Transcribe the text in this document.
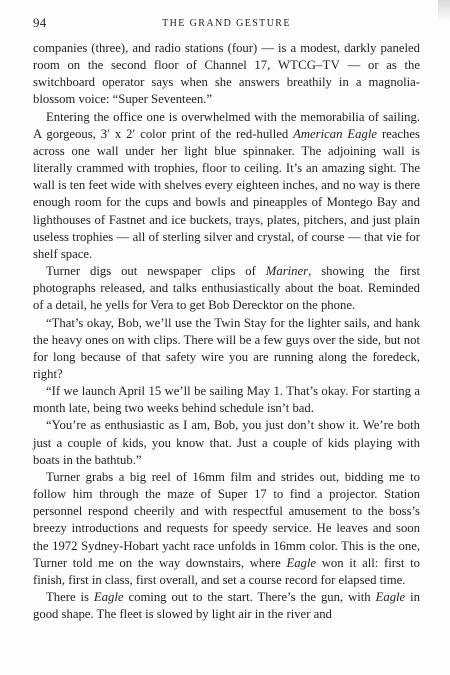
94	THE GRAND GESTURE

companies (three), and radio stations (four) — is a modest, darkly paneled room on the second floor of Channel 17, WTCG–TV — or as the switchboard operator says when she answers breathily in a magnolia-blossom voice: “Super Seventeen.”

Entering the office one is overwhelmed with the memorabilia of sailing. A gorgeous, 3′ x 2′ color print of the red-hulled American Eagle reaches across one wall under her light blue spinnaker. The adjoining wall is literally crammed with trophies, floor to ceiling. It’s an amazing sight. The wall is ten feet wide with shelves every eighteen inches, and no way is there enough room for the cups and bowls and pineapples of Montego Bay and lighthouses of Fastnet and ice buckets, trays, plates, pitchers, and just plain useless trophies — all of sterling silver and crystal, of course — that vie for shelf space.

Turner digs out newspaper clips of Mariner, showing the first photographs released, and talks enthusiastically about the boat. Reminded of a detail, he yells for Vera to get Bob Derecktor on the phone.

“That’s okay, Bob, we’ll use the Twin Stay for the lighter sails, and hank the heavy ones on with clips. There will be a few guys over the side, but not for long because of that safety wire you are running along the foredeck, right?

“If we launch April 15 we’ll be sailing May 1. That’s okay. For starting a month late, being two weeks behind schedule isn’t bad.

“You’re as enthusiastic as I am, Bob, you just don’t show it. We’re both just a couple of kids, you know that. Just a couple of kids playing with boats in the bathtub.”

Turner grabs a big reel of 16mm film and strides out, bidding me to follow him through the maze of Super 17 to find a projector. Station personnel respond cheerily and with respectful amusement to the boss’s breezy introductions and requests for speedy service. He leaves and soon the 1972 Sydney-Hobart yacht race unfolds in 16mm color. This is the one, Turner told me on the way downstairs, where Eagle won it all: first to finish, first in class, first overall, and set a course record for elapsed time.

There is Eagle coming out to the start. There’s the gun, with Eagle in good shape. The fleet is slowed by light air in the river and
